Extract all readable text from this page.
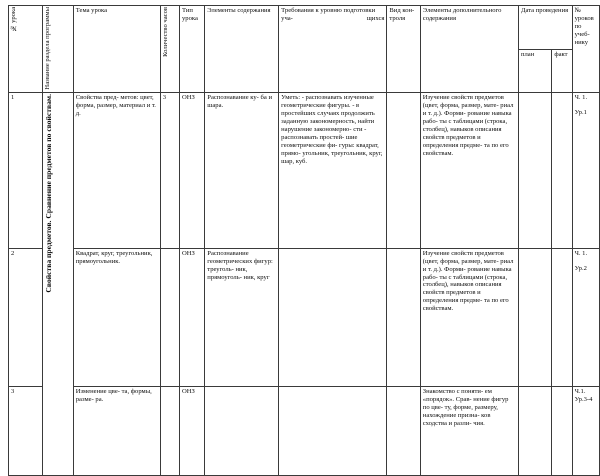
№ урока	Название раздела программы	Тема урока	Количество часов	Тип урока	Элементы содержания	Требования к уровню подготовки уча- щихся	Вид кон- троля	Элементы дополнительного содержания	Дата проведения		№ уроков по учеб- нику
									план	факт	
1	Свойства предметов. Сравнение предметов по свойствам.	Свойства пред- метов: цвет, форма, размер, материал и т. д.	3	ОНЗ	Распознавание ку- ба и шара.	Уметь: - распознавать изученные геометрические фигуры. - в простейших случаях продолжить заданную закономерность, найти нарушение закономерно- сти - распознавать простей- шие геометрические фи- гуры: квадрат, прямо- угольник, треугольник, круг, шар, куб.		Изучение свойств предметов (цвет, форма, размер, мате- риал и т. д.). Форми- рование навыка рабо- ты с таблицами (строка, столбец), навыков описания свойств предметов и определения предме- та по его свойствам.			Ч. 1.
Ур.1

2		Квадрат, круг, треугольник, прямоугольник.		ОНЗ	Распознавание геометрических фигур: треуголь- ник, прямоуголь- ник, круг			Изучение свойств предметов (цвет, форма, размер, мате- риал и т. д.). Форми- рование навыка рабо- ты с таблицами (строка, столбец), навыков описания свойств предметов и определения предме- та по его свойствам.			Ч. 1.
Ур.2

3		Изменение цве- та, формы, разме- ра.		ОНЗ				Знакомство с поняти- ем «порядок». Срав- нение фигур по цве- ту, форме, размеру, нахождение призна- ков сходства и разли- чия.			Ч.1.
Ур.3-4
